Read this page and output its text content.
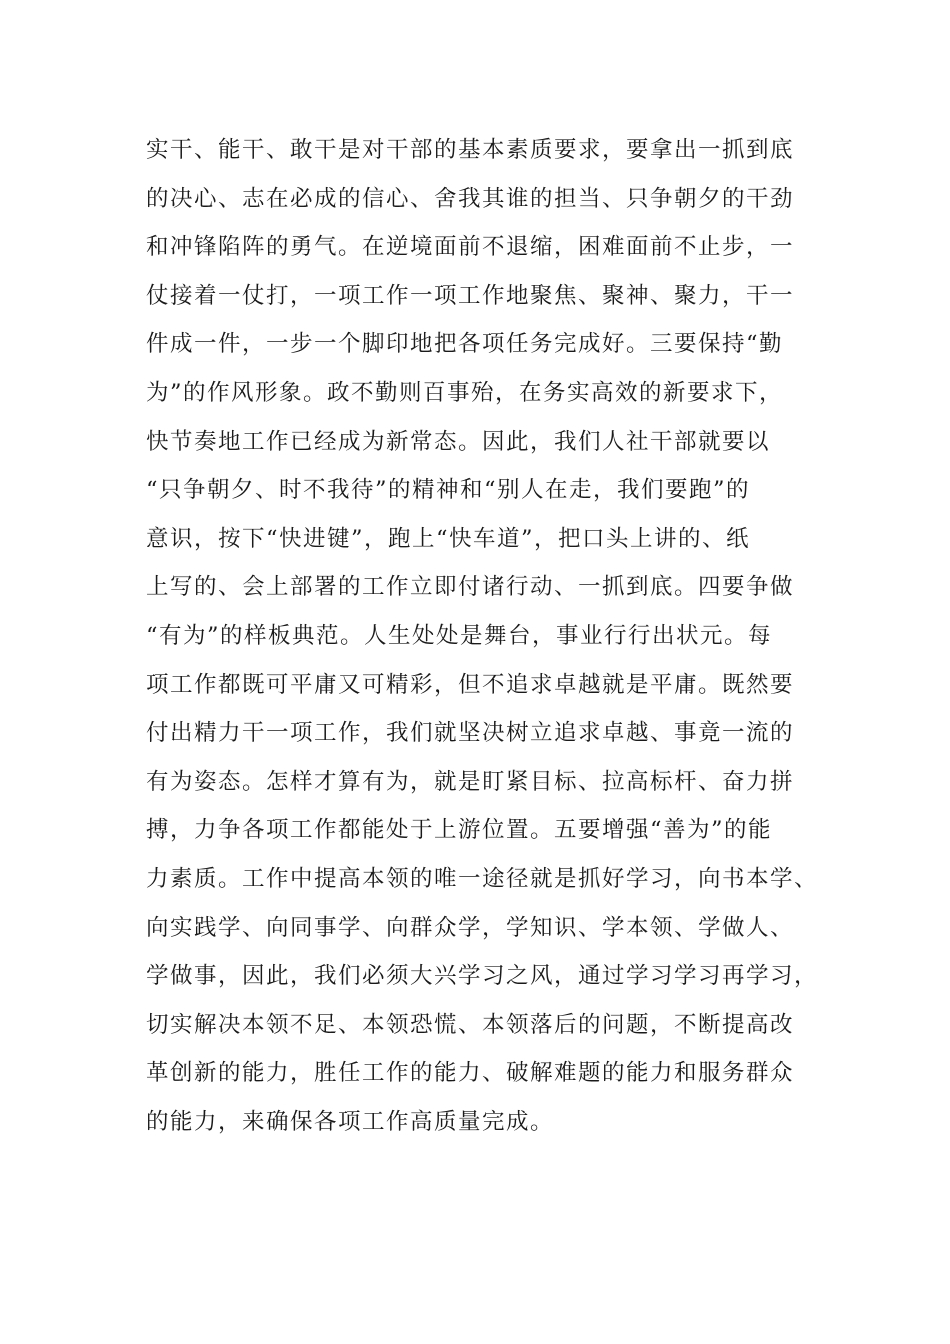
实干、能干、敢干是对干部的基本素质要求，要拿出一抓到底
的决心、志在必成的信心、舍我其谁的担当、只争朝夕的干劲
和冲锋陷阵的勇气。在逆境面前不退缩，困难面前不止步，一
仗接着一仗打，一项工作一项工作地聚焦、聚神、聚力，干一
件成一件，一步一个脚印地把各项任务完成好。三要保持“勤
为”的作风形象。政不勤则百事殆，在务实高效的新要求下，
快节奏地工作已经成为新常态。因此，我们人社干部就要以
“只争朝夕、时不我待”的精神和“别人在走，我们要跑”的
意识，按下“快进键”，跑上“快车道”，把口头上讲的、纸
上写的、会上部署的工作立即付诸行动、一抓到底。四要争做
“有为”的样板典范。人生处处是舞台，事业行行出状元。每
项工作都既可平庸又可精彩，但不追求卓越就是平庸。既然要
付出精力干一项工作，我们就坚决树立追求卓越、事竟一流的
有为姿态。怎样才算有为，就是盯紧目标、拉高标杆、奋力拼
搏，力争各项工作都能处于上游位置。五要增强“善为”的能
力素质。工作中提高本领的唯一途径就是抓好学习，向书本学、
向实践学、向同事学、向群众学，学知识、学本领、学做人、
学做事，因此，我们必须大兴学习之风，通过学习学习再学习，
切实解决本领不足、本领恐慌、本领落后的问题，不断提高改
革创新的能力，胜任工作的能力、破解难题的能力和服务群众
的能力，来确保各项工作高质量完成。
